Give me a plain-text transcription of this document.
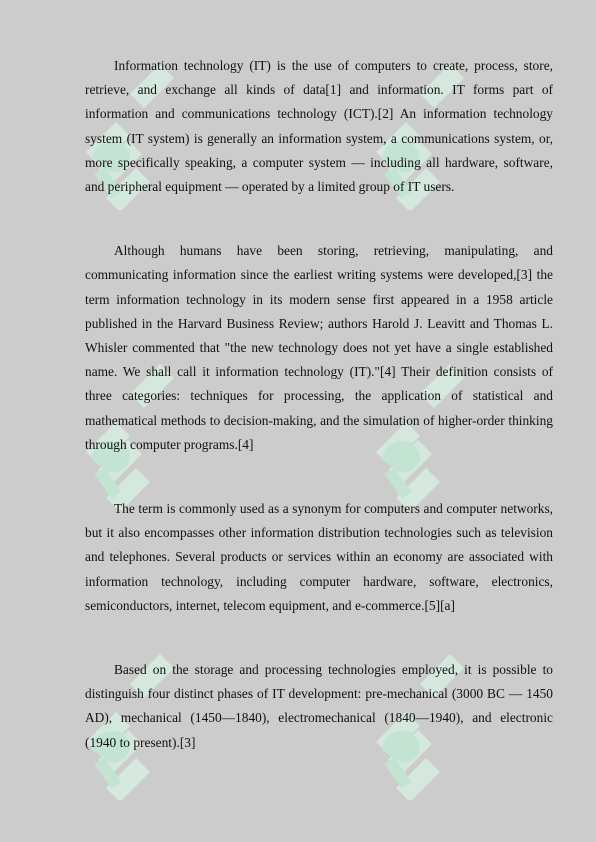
Information technology (IT) is the use of computers to create, process, store, retrieve, and exchange all kinds of data[1] and information. IT forms part of information and communications technology (ICT).[2] An information technology system (IT system) is generally an information system, a communications system, or, more specifically speaking, a computer system — including all hardware, software, and peripheral equipment — operated by a limited group of IT users.

Although humans have been storing, retrieving, manipulating, and communicating information since the earliest writing systems were developed,[3] the term information technology in its modern sense first appeared in a 1958 article published in the Harvard Business Review; authors Harold J. Leavitt and Thomas L. Whisler commented that "the new technology does not yet have a single established name. We shall call it information technology (IT)."[4] Their definition consists of three categories: techniques for processing, the application of statistical and mathematical methods to decision-making, and the simulation of higher-order thinking through computer programs.[4]

The term is commonly used as a synonym for computers and computer networks, but it also encompasses other information distribution technologies such as television and telephones. Several products or services within an economy are associated with information technology, including computer hardware, software, electronics, semiconductors, internet, telecom equipment, and e-commerce.[5][a]

Based on the storage and processing technologies employed, it is possible to distinguish four distinct phases of IT development: pre-mechanical (3000 BC — 1450 AD), mechanical (1450—1840), electromechanical (1840—1940), and electronic (1940 to present).[3]
